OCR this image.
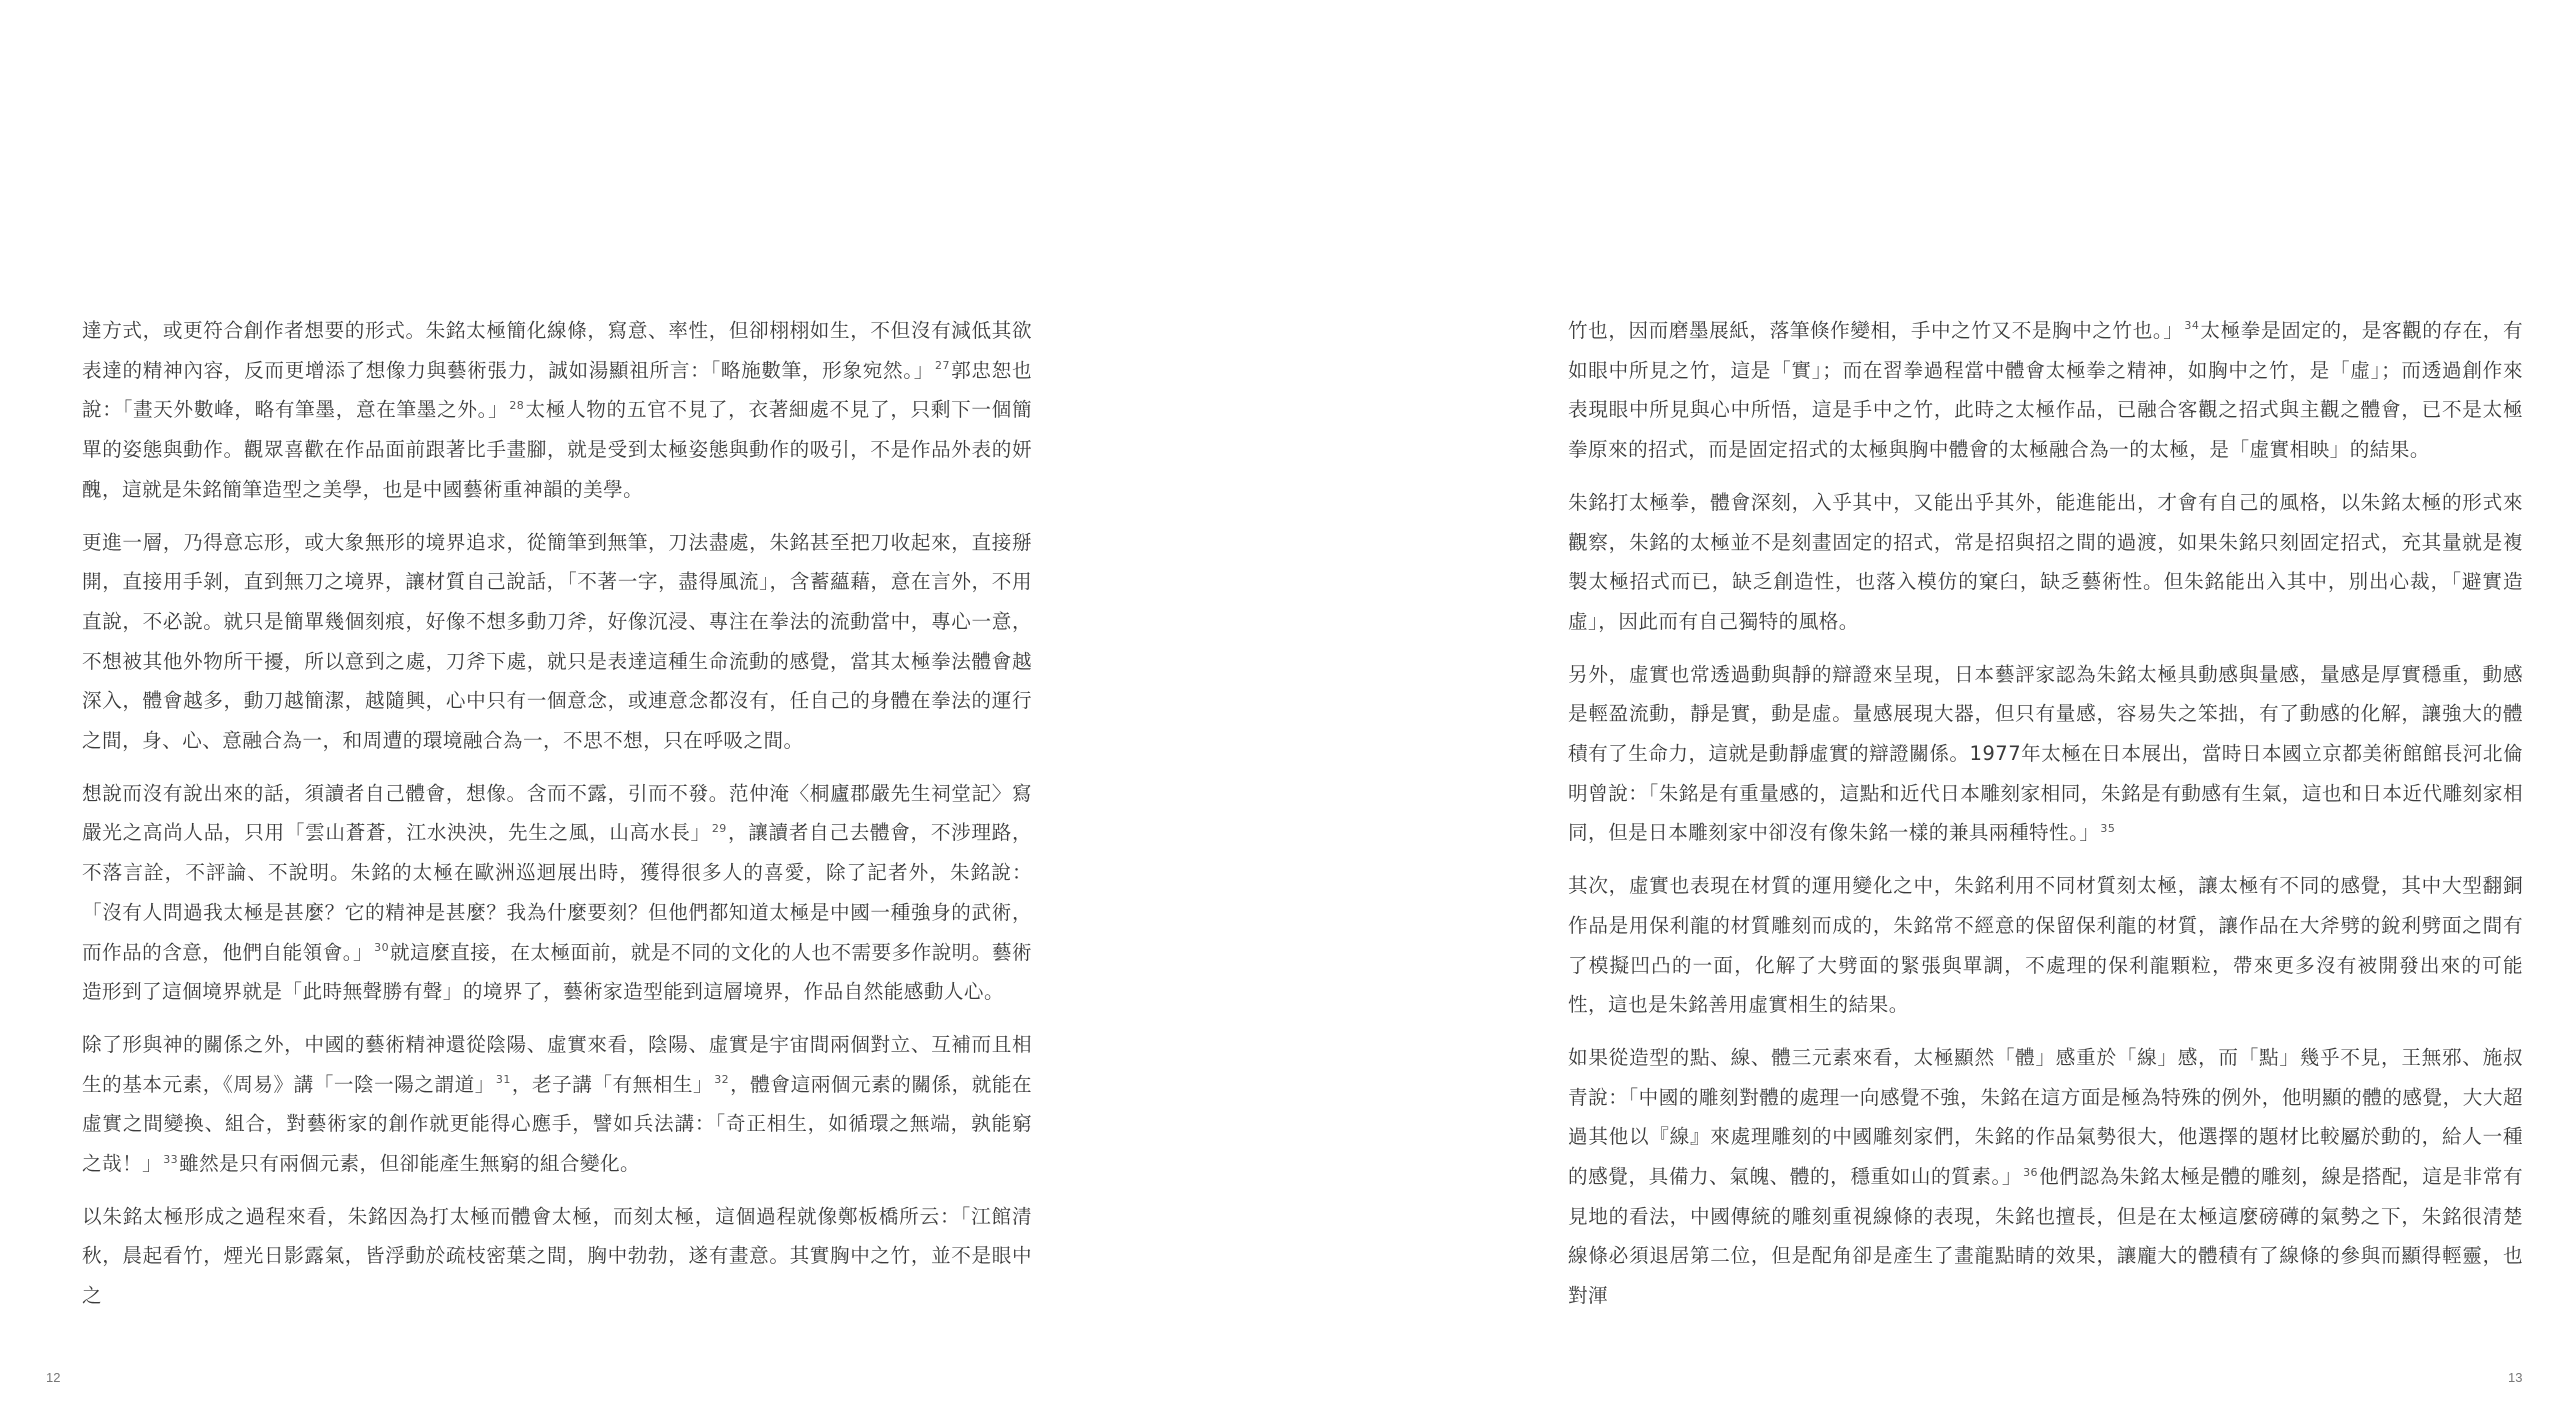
達方式，或更符合創作者想要的形式。朱銘太極簡化線條，寫意、率性，但卻栩栩如生，不但沒有減低其欲表達的精神內容，反而更增添了想像力與藝術張力，誠如湯顯祖所言：「略施數筆，形象宛然。」$^{27}$郭忠恕也說：「畫天外數峰，略有筆墨，意在筆墨之外。」$^{28}$太極人物的五官不見了，衣著細處不見了，只剩下一個簡單的姿態與動作。觀眾喜歡在作品面前跟著比手畫腳，就是受到太極姿態與動作的吸引，不是作品外表的妍醜，這就是朱銘簡筆造型之美學，也是中國藝術重神韻的美學。

更進一層，乃得意忘形，或大象無形的境界追求，從簡筆到無筆，刀法盡處，朱銘甚至把刀收起來，直接掰開，直接用手剝，直到無刀之境界，讓材質自己說話，「不著一字，盡得風流」，含蓄蘊藉，意在言外，不用直說，不必說。就只是簡單幾個刻痕，好像不想多動刀斧，好像沉浸、專注在拳法的流動當中，專心一意，不想被其他外物所干擾，所以意到之處，刀斧下處，就只是表達這種生命流動的感覺，當其太極拳法體會越深入，體會越多，動刀越簡潔，越隨興，心中只有一個意念，或連意念都沒有，任自己的身體在拳法的運行之間，身、心、意融合為一，和周遭的環境融合為一，不思不想，只在呼吸之間。

想說而沒有說出來的話，須讀者自己體會，想像。含而不露，引而不發。范仲淹〈桐廬郡嚴先生祠堂記〉寫嚴光之高尚人品，只用「雲山蒼蒼，江水泱泱，先生之風，山高水長」$^{29}$，讓讀者自己去體會，不涉理路，不落言詮，不評論、不說明。朱銘的太極在歐洲巡迴展出時，獲得很多人的喜愛，除了記者外，朱銘說：「沒有人問過我太極是甚麼？它的精神是甚麼？我為什麼要刻？但他們都知道太極是中國一種強身的武術，而作品的含意，他們自能領會。」$^{30}$就這麼直接，在太極面前，就是不同的文化的人也不需要多作說明。藝術造形到了這個境界就是「此時無聲勝有聲」的境界了，藝術家造型能到這層境界，作品自然能感動人心。

除了形與神的關係之外，中國的藝術精神還從陰陽、虛實來看，陰陽、虛實是宇宙間兩個對立、互補而且相生的基本元素，《周易》講「一陰一陽之謂道」$^{31}$，老子講「有無相生」$^{32}$，體會這兩個元素的關係，就能在虛實之間變換、組合，對藝術家的創作就更能得心應手，譬如兵法講：「奇正相生，如循環之無端，孰能窮之哉！」$^{33}$雖然是只有兩個元素，但卻能產生無窮的組合變化。

以朱銘太極形成之過程來看，朱銘因為打太極而體會太極，而刻太極，這個過程就像鄭板橋所云：「江館清秋，晨起看竹，煙光日影露氣，皆浮動於疏枝密葉之間，胸中勃勃，遂有畫意。其實胸中之竹，並不是眼中之

12

竹也，因而磨墨展紙，落筆倏作變相，手中之竹又不是胸中之竹也。」$^{34}$太極拳是固定的，是客觀的存在，有如眼中所見之竹，這是「實」；而在習拳過程當中體會太極拳之精神，如胸中之竹，是「虛」；而透過創作來表現眼中所見與心中所悟，這是手中之竹，此時之太極作品，已融合客觀之招式與主觀之體會，已不是太極拳原來的招式，而是固定招式的太極與胸中體會的太極融合為一的太極，是「虛實相映」的結果。

朱銘打太極拳，體會深刻，入乎其中，又能出乎其外，能進能出，才會有自己的風格，以朱銘太極的形式來觀察，朱銘的太極並不是刻畫固定的招式，常是招與招之間的過渡，如果朱銘只刻固定招式，充其量就是複製太極招式而已，缺乏創造性，也落入模仿的窠臼，缺乏藝術性。但朱銘能出入其中，別出心裁，「避實造虛」，因此而有自己獨特的風格。

另外，虛實也常透過動與靜的辯證來呈現，日本藝評家認為朱銘太極具動感與量感，量感是厚實穩重，動感是輕盈流動，靜是實，動是虛。量感展現大器，但只有量感，容易失之笨拙，有了動感的化解，讓強大的體積有了生命力，這就是動靜虛實的辯證關係。1977年太極在日本展出，當時日本國立京都美術館館長河北倫明曾說：「朱銘是有重量感的，這點和近代日本雕刻家相同，朱銘是有動感有生氣，這也和日本近代雕刻家相同，但是日本雕刻家中卻沒有像朱銘一樣的兼具兩種特性。」$^{35}$

其次，虛實也表現在材質的運用變化之中，朱銘利用不同材質刻太極，讓太極有不同的感覺，其中大型翻銅作品是用保利龍的材質雕刻而成的，朱銘常不經意的保留保利龍的材質，讓作品在大斧劈的銳利劈面之間有了模擬凹凸的一面，化解了大劈面的緊張與單調，不處理的保利龍顆粒，帶來更多沒有被開發出來的可能性，這也是朱銘善用虛實相生的結果。

如果從造型的點、線、體三元素來看，太極顯然「體」感重於「線」感，而「點」幾乎不見，王無邪、施叔青說：「中國的雕刻對體的處理一向感覺不強，朱銘在這方面是極為特殊的例外，他明顯的體的感覺，大大超過其他以『線』來處理雕刻的中國雕刻家們，朱銘的作品氣勢很大，他選擇的題材比較屬於動的，給人一種的感覺，具備力、氣魄、體的，穩重如山的質素。」$^{36}$他們認為朱銘太極是體的雕刻，線是搭配，這是非常有見地的看法，中國傳統的雕刻重視線條的表現，朱銘也擅長，但是在太極這麼磅礡的氣勢之下，朱銘很清楚線條必須退居第二位，但是配角卻是產生了畫龍點睛的效果，讓龐大的體積有了線條的參與而顯得輕靈，也對渾

13
